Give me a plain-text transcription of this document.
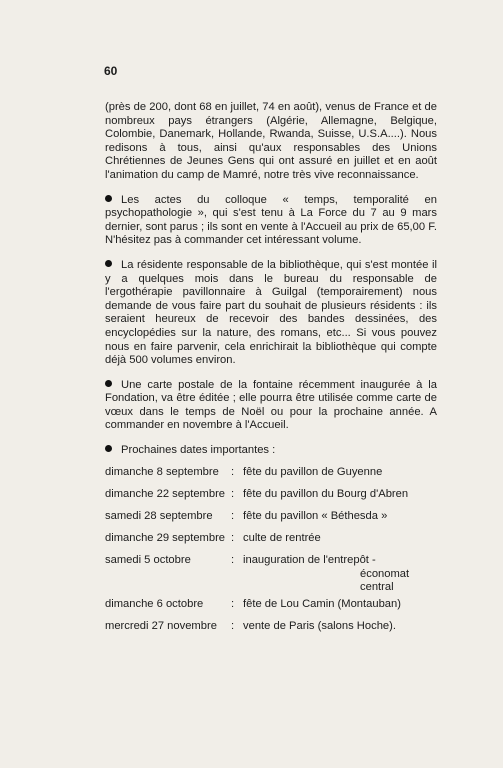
60

(près de 200, dont 68 en juillet, 74 en août), venus de France et de nombreux pays étrangers (Algérie, Allemagne, Belgique, Colombie, Danemark, Hollande, Rwanda, Suisse, U.S.A....). Nous redisons à tous, ainsi qu'aux responsables des Unions Chrétiennes de Jeunes Gens qui ont assuré en juillet et en août l'animation du camp de Mamré, notre très vive reconnaissance.

Les actes du colloque « temps, temporalité en psychopathologie », qui s'est tenu à La Force du 7 au 9 mars dernier, sont parus ; ils sont en vente à l'Accueil au prix de 65,00 F. N'hésitez pas à commander cet intéressant volume.

La résidente responsable de la bibliothèque, qui s'est montée il y a quelques mois dans le bureau du responsable de l'ergothérapie pavillonnaire à Guilgal (temporairement) nous demande de vous faire part du souhait de plusieurs résidents : ils seraient heureux de recevoir des bandes dessinées, des encyclopédies sur la nature, des romans, etc... Si vous pouvez nous en faire parvenir, cela enrichirait la bibliothèque qui compte déjà 500 volumes environ.

Une carte postale de la fontaine récemment inaugurée à la Fondation, va être éditée ; elle pourra être utilisée comme carte de vœux dans le temps de Noël ou pour la prochaine année. A commander en novembre à l'Accueil.

Prochaines dates importantes :

dimanche 8 septembre	: fête du pavillon de Guyenne
dimanche 22 septembre : fête du pavillon du Bourg d'Abren
samedi 28 septembre	: fête du pavillon « Béthesda »
dimanche 29 septembre : culte de rentrée
samedi 5 octobre	: inauguration de l'entrepôt -
économat central
dimanche 6 octobre	: fête de Lou Camin (Montauban)
mercredi 27 novembre	: vente de Paris (salons Hoche).
